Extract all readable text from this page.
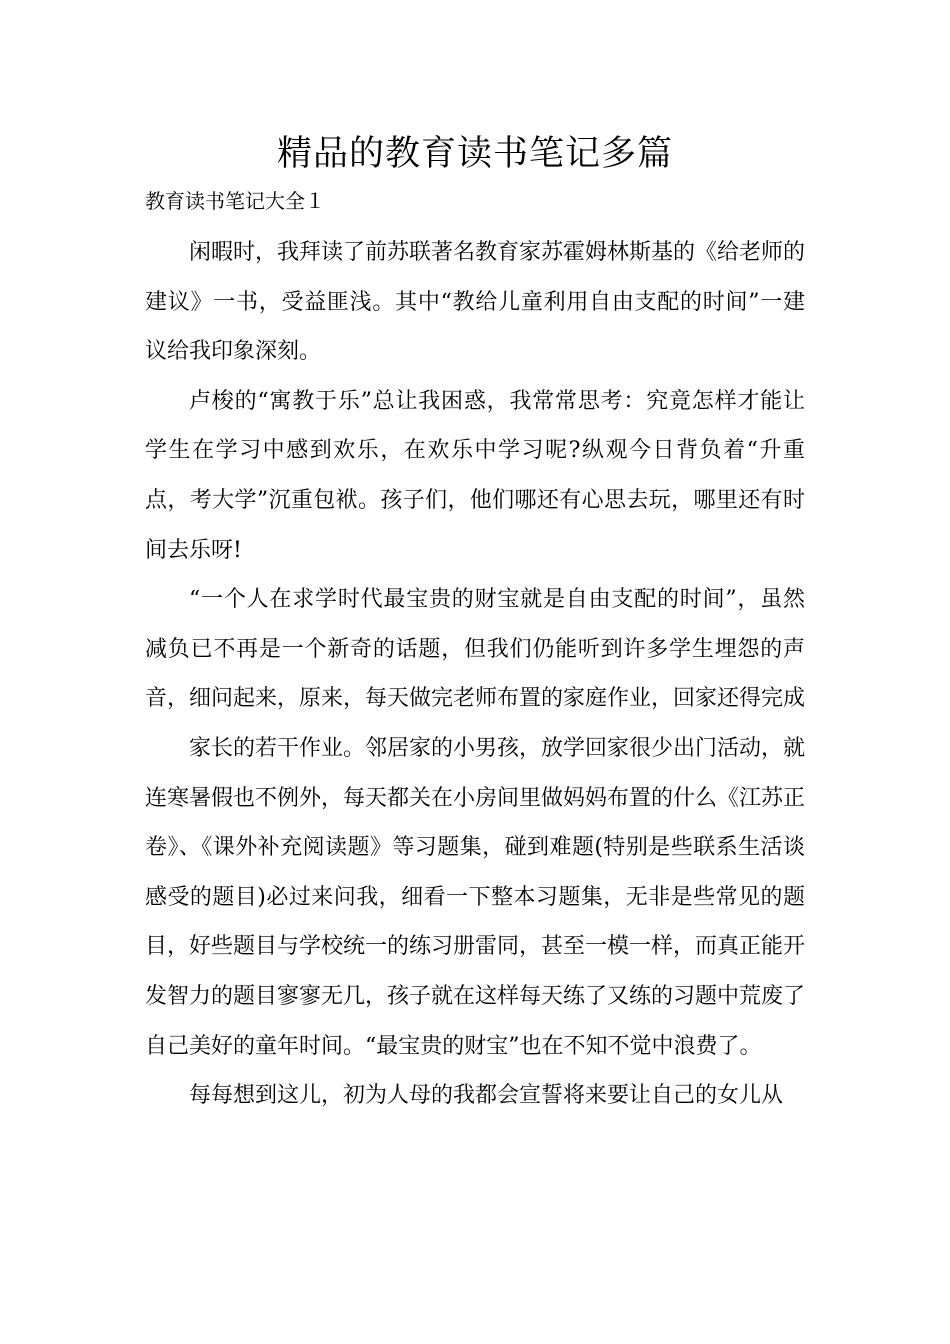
精品的教育读书笔记多篇

教育读书笔记大全１

闲暇时，我拜读了前苏联著名教育家苏霍姆林斯基的《给老师的建议》一书，受益匪浅。其中“教给儿童利用自由支配的时间”一建议给我印象深刻。

卢梭的“寓教于乐”总让我困惑，我常常思考：究竟怎样才能让学生在学习中感到欢乐，在欢乐中学习呢?纵观今日背负着“升重点，考大学”沉重包袱。孩子们，他们哪还有心思去玩，哪里还有时间去乐呀!

“一个人在求学时代最宝贵的财宝就是自由支配的时间”，虽然减负已不再是一个新奇的话题，但我们仍能听到许多学生埋怨的声音，细问起来，原来，每天做完老师布置的家庭作业，回家还得完成

家长的若干作业。邻居家的小男孩，放学回家很少出门活动，就连寒暑假也不例外，每天都关在小房间里做妈妈布置的什么《江苏正卷》、《课外补充阅读题》等习题集，碰到难题(特别是些联系生活谈感受的题目)必过来问我，细看一下整本习题集，无非是些常见的题目，好些题目与学校统一的练习册雷同，甚至一模一样，而真正能开发智力的题目寥寥无几，孩子就在这样每天练了又练的习题中荒废了自己美好的童年时间。“最宝贵的财宝”也在不知不觉中浪费了。

每每想到这儿，初为人母的我都会宣誓将来要让自己的女儿从
